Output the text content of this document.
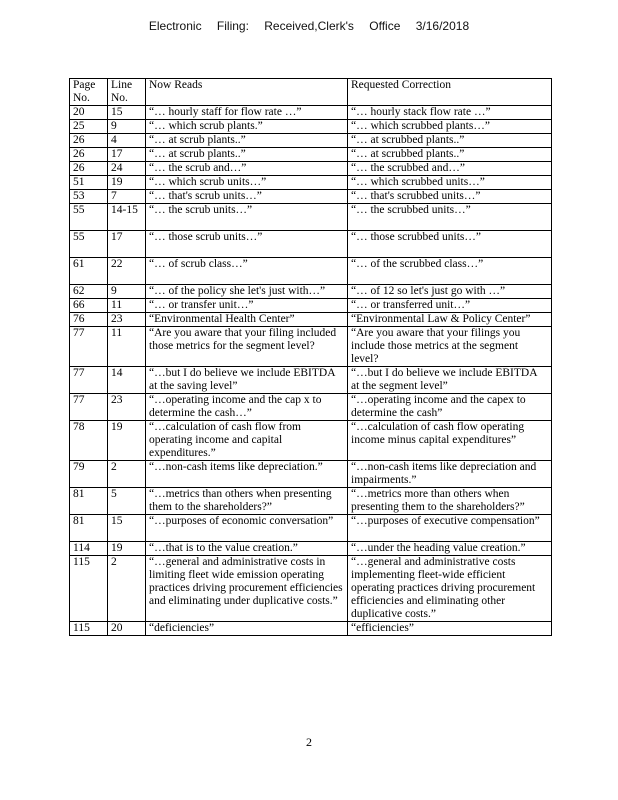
Electronic Filing: Received,Clerk's Office 3/16/2018
Page No.	Line No.	Now Reads	Requested Correction
20	15	“… hourly staff for flow rate …”	“… hourly stack flow rate …”
25	9	“… which scrub plants.”	“… which scrubbed plants…”
26	4	“… at scrub plants..”	“… at scrubbed plants..”
26	17	“… at scrub plants..”	“… at scrubbed plants..”
26	24	“… the scrub and…”	“… the scrubbed and…”
51	19	“… which scrub units…”	“… which scrubbed units…”
53	7	“… that's scrub units…”	“… that's scrubbed units…”
55	14-15	“… the scrub units…”	“… the scrubbed units…”
55	17	“… those scrub units…”	“… those scrubbed units…”
61	22	“… of scrub class…”	“… of the scrubbed class…”
62	9	“… of the policy she let's just with…”	“… of 12 so let's just go with …”
66	11	“… or transfer unit…”	“… or transferred unit…”
76	23	“Environmental Health Center”	“Environmental Law & Policy Center”
77	11	“Are you aware that your filing included those metrics for the segment level?	“Are you aware that your filings you include those metrics at the segment level?
77	14	“…but I do believe we include EBITDA at the saving level”	“…but I do believe we include EBITDA at the segment level”
77	23	“…operating income and the cap x to determine the cash…”	“…operating income and the capex to determine the cash”
78	19	“…calculation of cash flow from operating income and capital expenditures.”	“…calculation of cash flow operating income minus capital expenditures”
79	2	“…non-cash items like depreciation.”	“…non-cash items like depreciation and impairments.”
81	5	“…metrics than others when presenting them to the shareholders?”	“…metrics more than others when presenting them to the shareholders?”
81	15	“…purposes of economic conversation”	“…purposes of executive compensation”
114	19	“…that is to the value creation.”	“…under the heading value creation.”
115	2	“…general and administrative costs in limiting fleet wide emission operating practices driving procurement efficiencies and eliminating under duplicative costs.”	“…general and administrative costs implementing fleet-wide efficient operating practices driving procurement efficiencies and eliminating other duplicative costs.”
115	20	“deficiencies”	“efficiencies”
2
